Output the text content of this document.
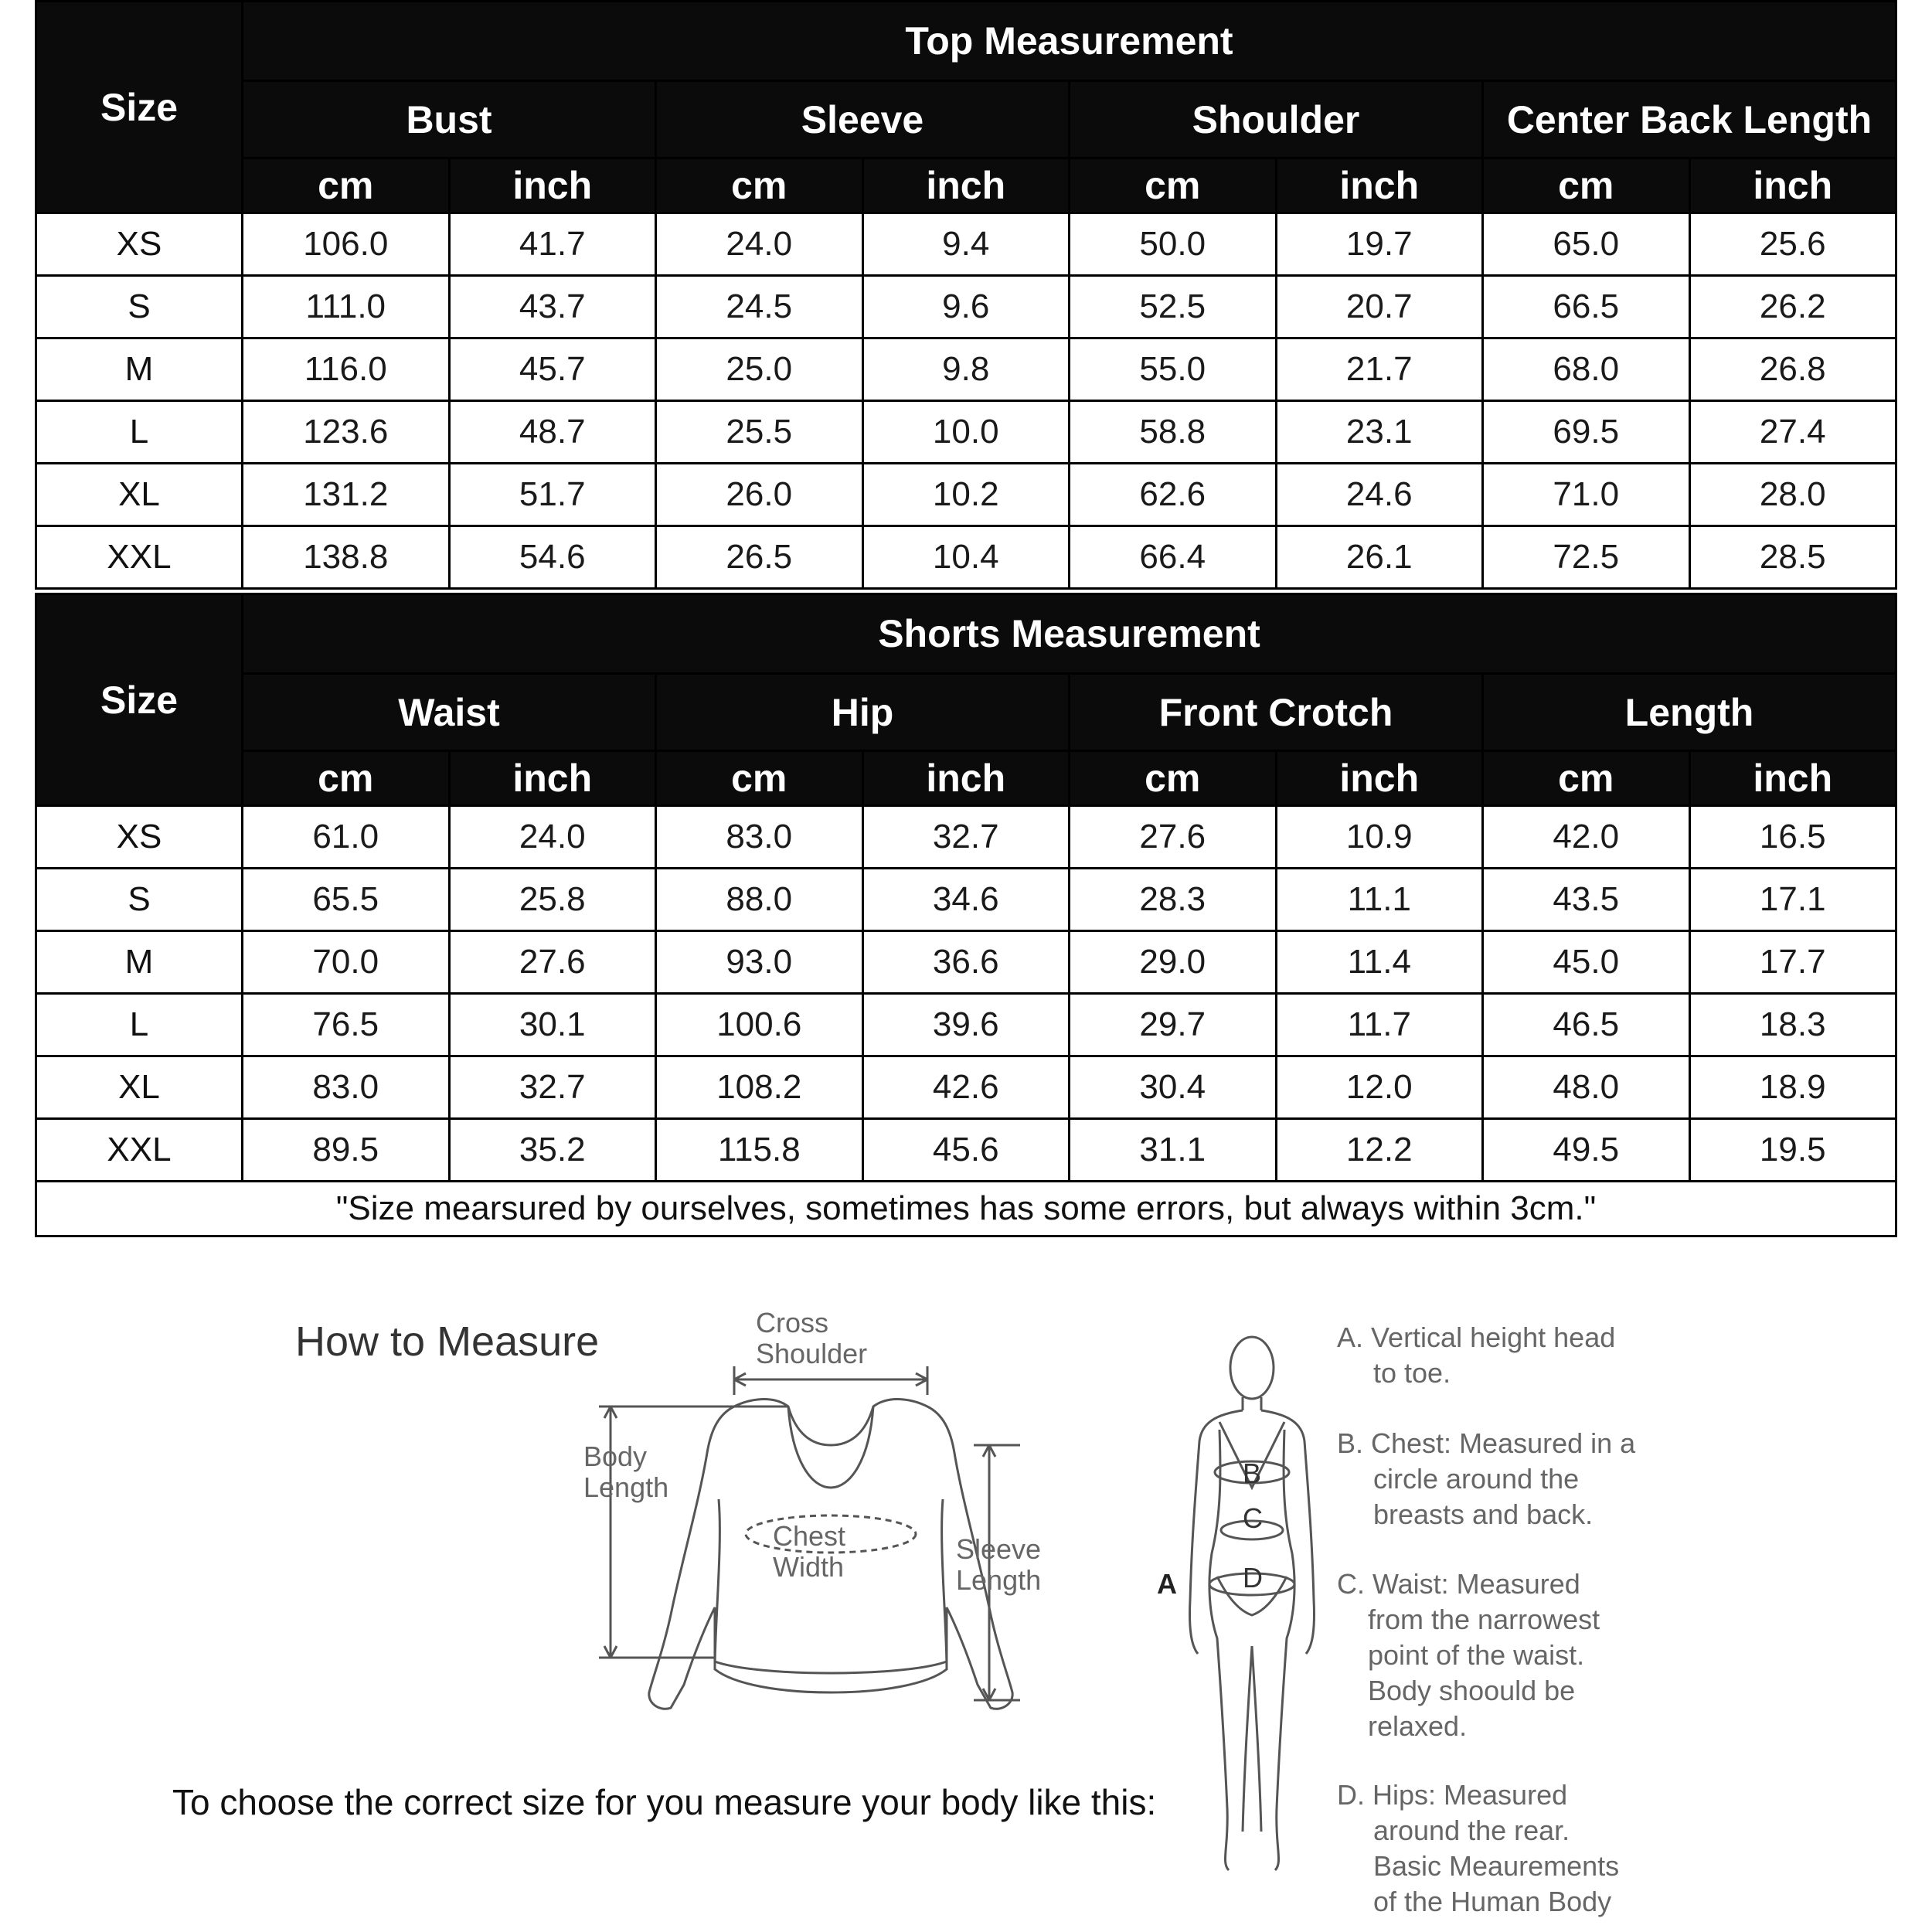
Size	Top Measurement							
	Bust		Sleeve		Shoulder		Center Back Length	
	cm	inch	cm	inch	cm	inch	cm	inch
XS	106.0	41.7	24.0	9.4	50.0	19.7	65.0	25.6
S	111.0	43.7	24.5	9.6	52.5	20.7	66.5	26.2
M	116.0	45.7	25.0	9.8	55.0	21.7	68.0	26.8
L	123.6	48.7	25.5	10.0	58.8	23.1	69.5	27.4
XL	131.2	51.7	26.0	10.2	62.6	24.6	71.0	28.0
XXL	138.8	54.6	26.5	10.4	66.4	26.1	72.5	28.5
Size	Shorts Measurement							
	Waist		Hip		Front Crotch		Length	
	cm	inch	cm	inch	cm	inch	cm	inch
XS	61.0	24.0	83.0	32.7	27.6	10.9	42.0	16.5
S	65.5	25.8	88.0	34.6	28.3	11.1	43.5	17.1
M	70.0	27.6	93.0	36.6	29.0	11.4	45.0	17.7
L	76.5	30.1	100.6	39.6	29.7	11.7	46.5	18.3
XL	83.0	32.7	108.2	42.6	30.4	12.0	48.0	18.9
XXL	89.5	35.2	115.8	45.6	31.1	12.2	49.5	19.5
"Size mearsured by ourselves, sometimes has some errors, but always within 3cm."								
How to Measure	Cross
Shoulder
Body
Length
Chest
Width
Sleeve
Length
To choose the correct size for you measure your body like this:
A
B
C
D
A. Vertical height head
to toe.
B. Chest: Measured in a
circle around the
breasts and back.
C. Waist: Measured
from the narrowest
point of the waist.
Body shoould be
relaxed.
D. Hips: Measured
around the rear.
Basic Meaurements
of the Human Body
